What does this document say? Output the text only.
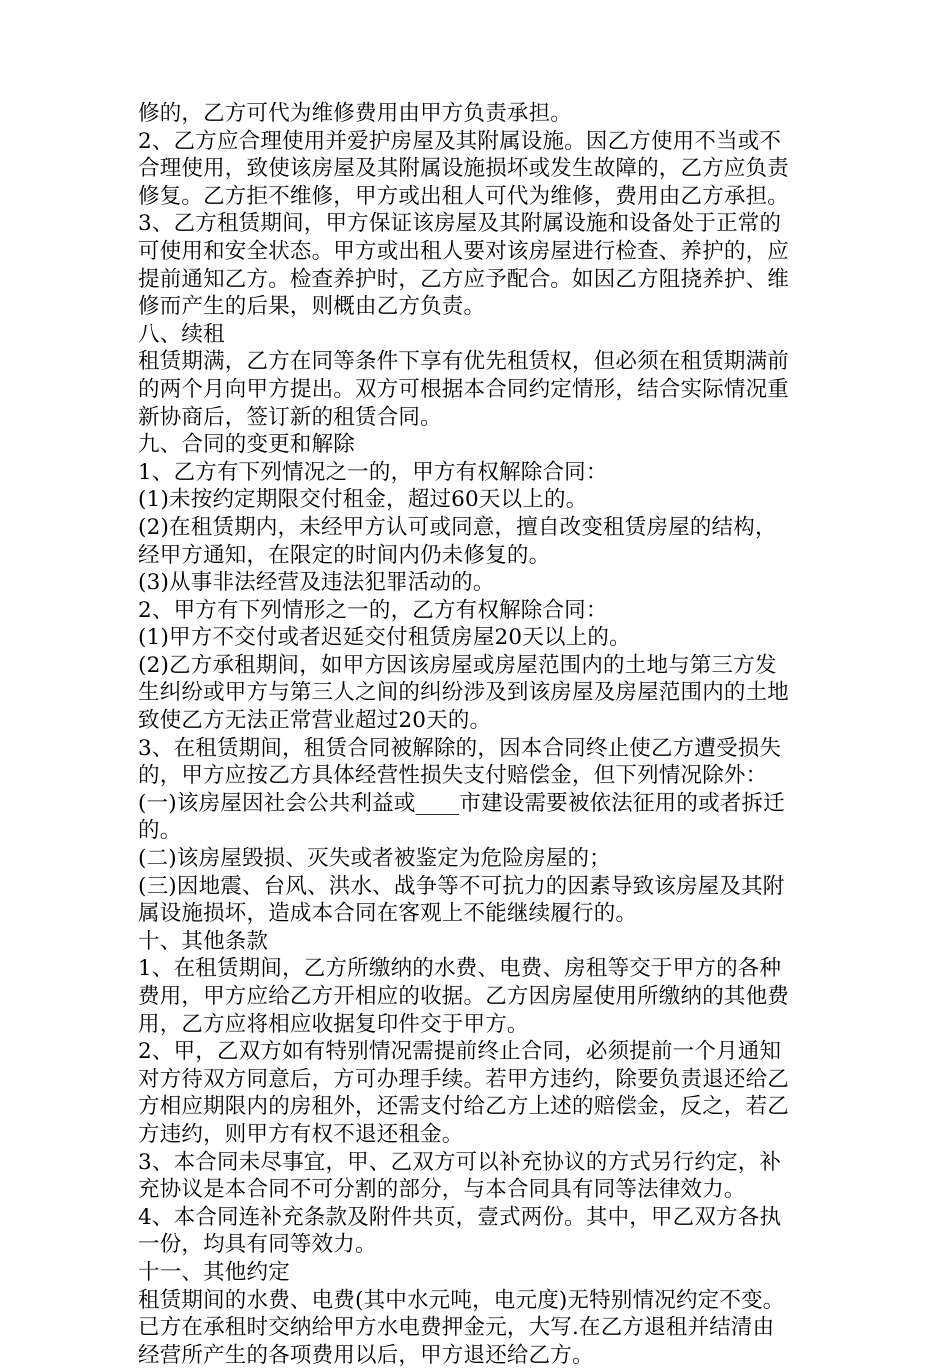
修的，乙方可代为维修费用由甲方负责承担。
2、乙方应合理使用并爱护房屋及其附属设施。因乙方使用不当或不
合理使用，致使该房屋及其附属设施损坏或发生故障的，乙方应负责
修复。乙方拒不维修，甲方或出租人可代为维修，费用由乙方承担。
3、乙方租赁期间，甲方保证该房屋及其附属设施和设备处于正常的
可使用和安全状态。甲方或出租人要对该房屋进行检查、养护的，应
提前通知乙方。检查养护时，乙方应予配合。如因乙方阻挠养护、维
修而产生的后果，则概由乙方负责。
八、续租
租赁期满，乙方在同等条件下享有优先租赁权，但必须在租赁期满前
的两个月向甲方提出。双方可根据本合同约定情形，结合实际情况重
新协商后，签订新的租赁合同。
九、合同的变更和解除
1、乙方有下列情况之一的，甲方有权解除合同：
(1)未按约定期限交付租金，超过60天以上的。
(2)在租赁期内，未经甲方认可或同意，擅自改变租赁房屋的结构，
经甲方通知，在限定的时间内仍未修复的。
(3)从事非法经营及违法犯罪活动的。
2、甲方有下列情形之一的，乙方有权解除合同：
(1)甲方不交付或者迟延交付租赁房屋20天以上的。
(2)乙方承租期间，如甲方因该房屋或房屋范围内的土地与第三方发
生纠纷或甲方与第三人之间的纠纷涉及到该房屋及房屋范围内的土地
致使乙方无法正常营业超过20天的。
3、在租赁期间，租赁合同被解除的，因本合同终止使乙方遭受损失
的，甲方应按乙方具体经营性损失支付赔偿金，但下列情况除外：
(一)该房屋因社会公共利益或____市建设需要被依法征用的或者拆迁
的。
(二)该房屋毁损、灭失或者被鉴定为危险房屋的；
(三)因地震、台风、洪水、战争等不可抗力的因素导致该房屋及其附
属设施损坏，造成本合同在客观上不能继续履行的。
十、其他条款
1、在租赁期间，乙方所缴纳的水费、电费、房租等交于甲方的各种
费用，甲方应给乙方开相应的收据。乙方因房屋使用所缴纳的其他费
用，乙方应将相应收据复印件交于甲方。
2、甲，乙双方如有特别情况需提前终止合同，必须提前一个月通知
对方待双方同意后，方可办理手续。若甲方违约，除要负责退还给乙
方相应期限内的房租外，还需支付给乙方上述的赔偿金，反之，若乙
方违约，则甲方有权不退还租金。
3、本合同未尽事宜，甲、乙双方可以补充协议的方式另行约定，补
充协议是本合同不可分割的部分，与本合同具有同等法律效力。
4、本合同连补充条款及附件共页，壹式两份。其中，甲乙双方各执
一份，均具有同等效力。
十一、其他约定
租赁期间的水费、电费(其中水元吨，电元度)无特别情况约定不变。
已方在承租时交纳给甲方水电费押金元，大写.在乙方退租并结清由
经营所产生的各项费用以后，甲方退还给乙方。
